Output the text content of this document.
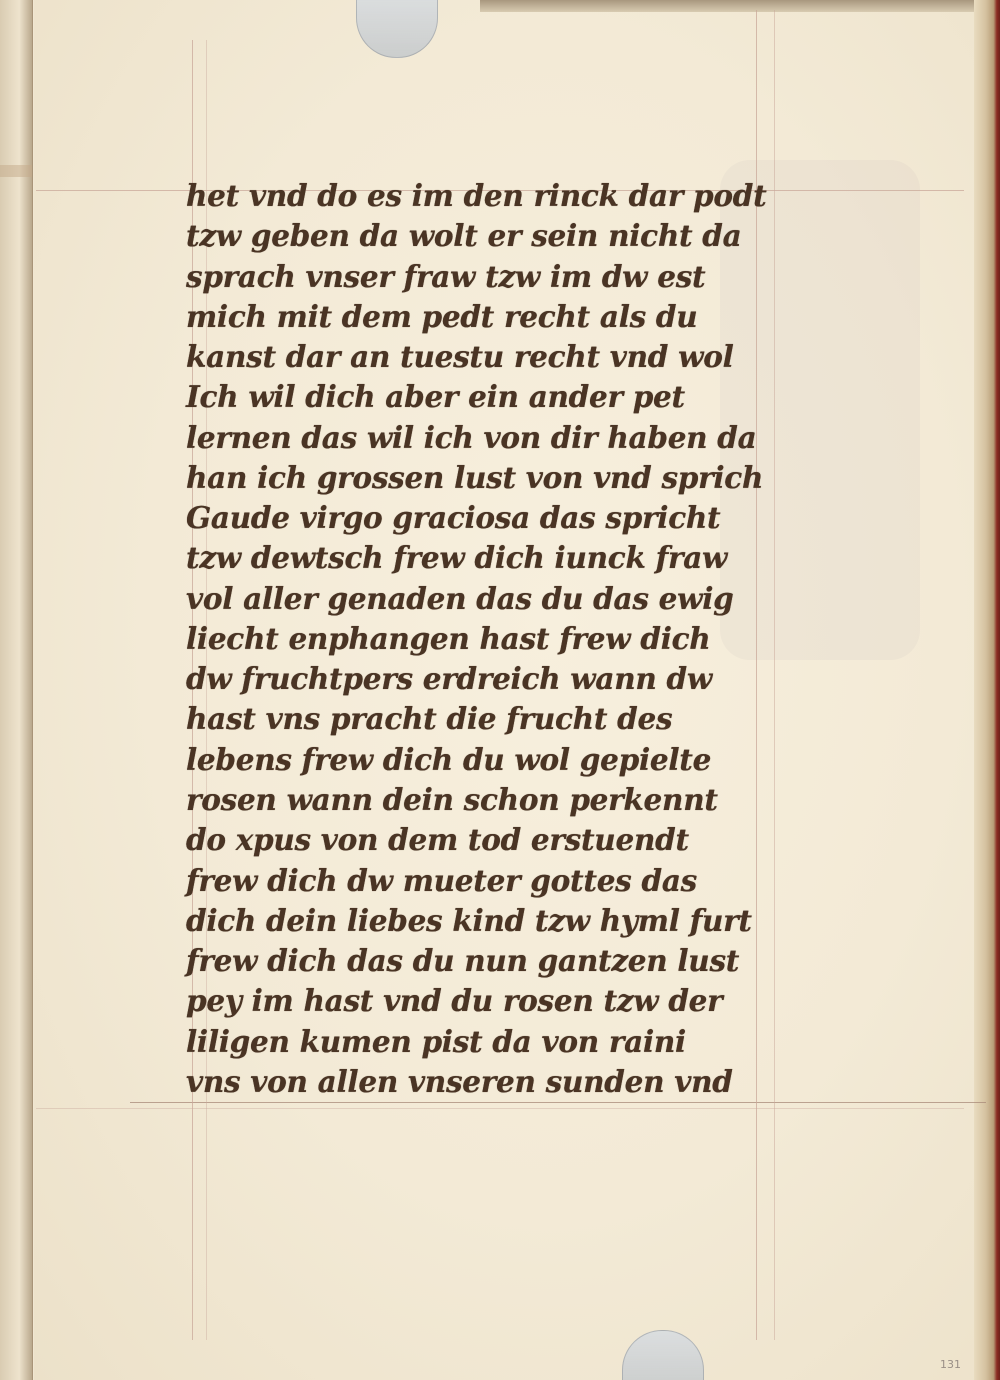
het vnd do es im den rinck dar podt
tzw geben da wolt er sein nicht da
sprach vnser fraw tzw im dw est
mich mit dem pedt recht als du
kanst dar an tuestu recht vnd wol
Ich wil dich aber ein ander pet
lernen das wil ich von dir haben da
han ich grossen lust von vnd sprich
Gaude virgo graciosa das spricht
tzw dewtsch frew dich iunck fraw
vol aller genaden das du das ewig
liecht enphangen hast frew dich
dw fruchtpers erdreich wann dw
hast vns pracht die frucht des
lebens frew dich du wol gepielte
rosen wann dein schon perkennt
do xpus von dem tod erstuendt
frew dich dw mueter gottes das
dich dein liebes kind tzw hyml furt
frew dich das du nun gantzen lust
pey im hast vnd du rosen tzw der
liligen kumen pist da von raini
vns von allen vnseren sunden vnd
131
